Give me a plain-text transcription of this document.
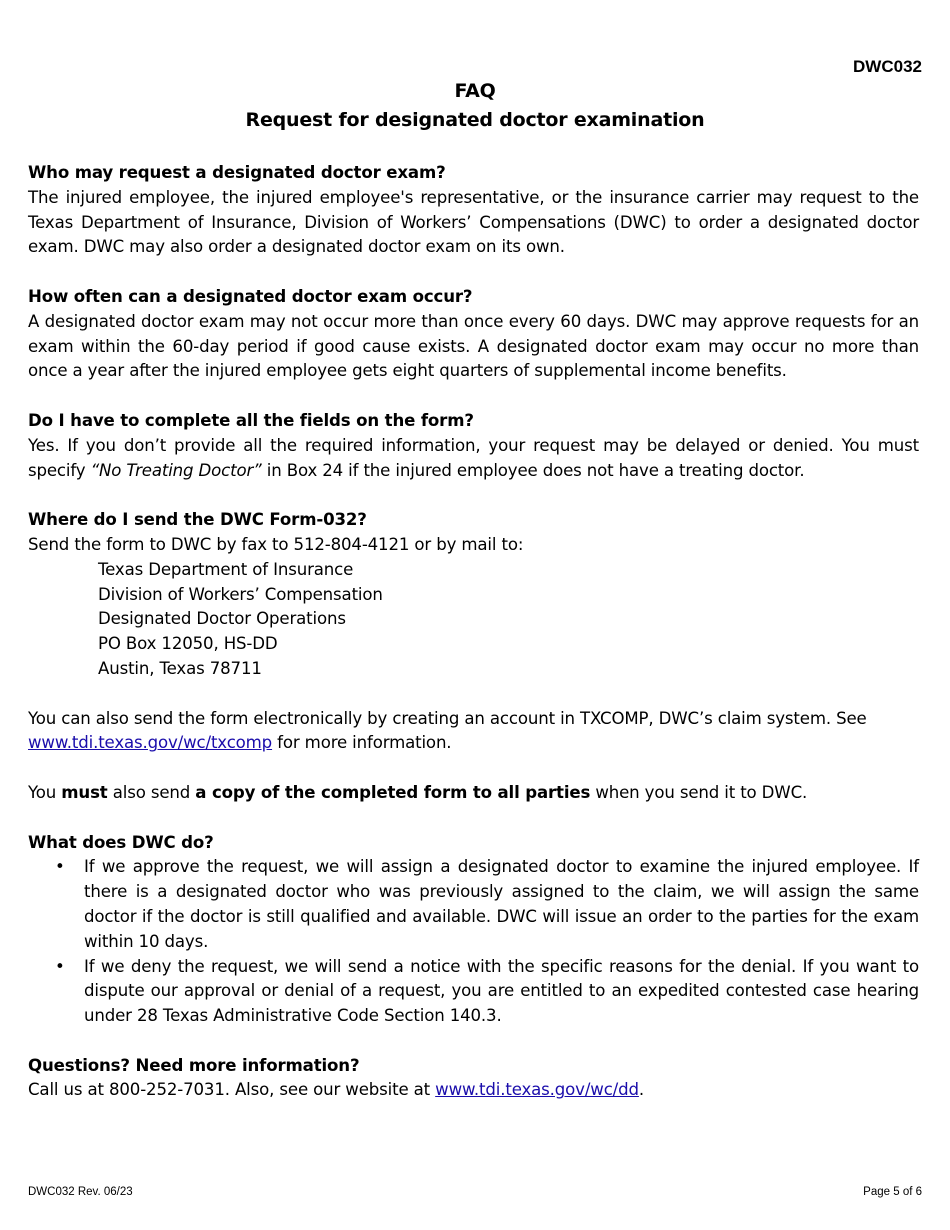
DWC032
FAQ
Request for designated doctor examination

Who may request a designated doctor exam?

The injured employee, the injured employee's representative, or the insurance carrier may request to the Texas Department of Insurance, Division of Workers’ Compensations (DWC) to order a designated doctor exam. DWC may also order a designated doctor exam on its own.

How often can a designated doctor exam occur?

A designated doctor exam may not occur more than once every 60 days. DWC may approve requests for an exam within the 60-day period if good cause exists. A designated doctor exam may occur no more than once a year after the injured employee gets eight quarters of supplemental income benefits.

Do I have to complete all the fields on the form?

Yes. If you don’t provide all the required information, your request may be delayed or denied. You must specify “No Treating Doctor” in Box 24 if the injured employee does not have a treating doctor.

Where do I send the DWC Form-032?

Send the form to DWC by fax to 512-804-4121 or by mail to:

Texas Department of Insurance

Division of Workers’ Compensation

Designated Doctor Operations

PO Box 12050, HS-DD

Austin, Texas 78711

You can also send the form electronically by creating an account in TXCOMP, DWC’s claim system. See www.tdi.texas.gov/wc/txcomp for more information.

You must also send a copy of the completed form to all parties when you send it to DWC.

What does DWC do?

• If we approve the request, we will assign a designated doctor to examine the injured employee. If there is a designated doctor who was previously assigned to the claim, we will assign the same doctor if the doctor is still qualified and available. DWC will issue an order to the parties for the exam within 10 days.
• If we deny the request, we will send a notice with the specific reasons for the denial. If you want to dispute our approval or denial of a request, you are entitled to an expedited contested case hearing under 28 Texas Administrative Code Section 140.3.

Questions? Need more information?

Call us at 800-252-7031. Also, see our website at www.tdi.texas.gov/wc/dd.

DWC032 Rev. 06/23	Page 5 of 6
